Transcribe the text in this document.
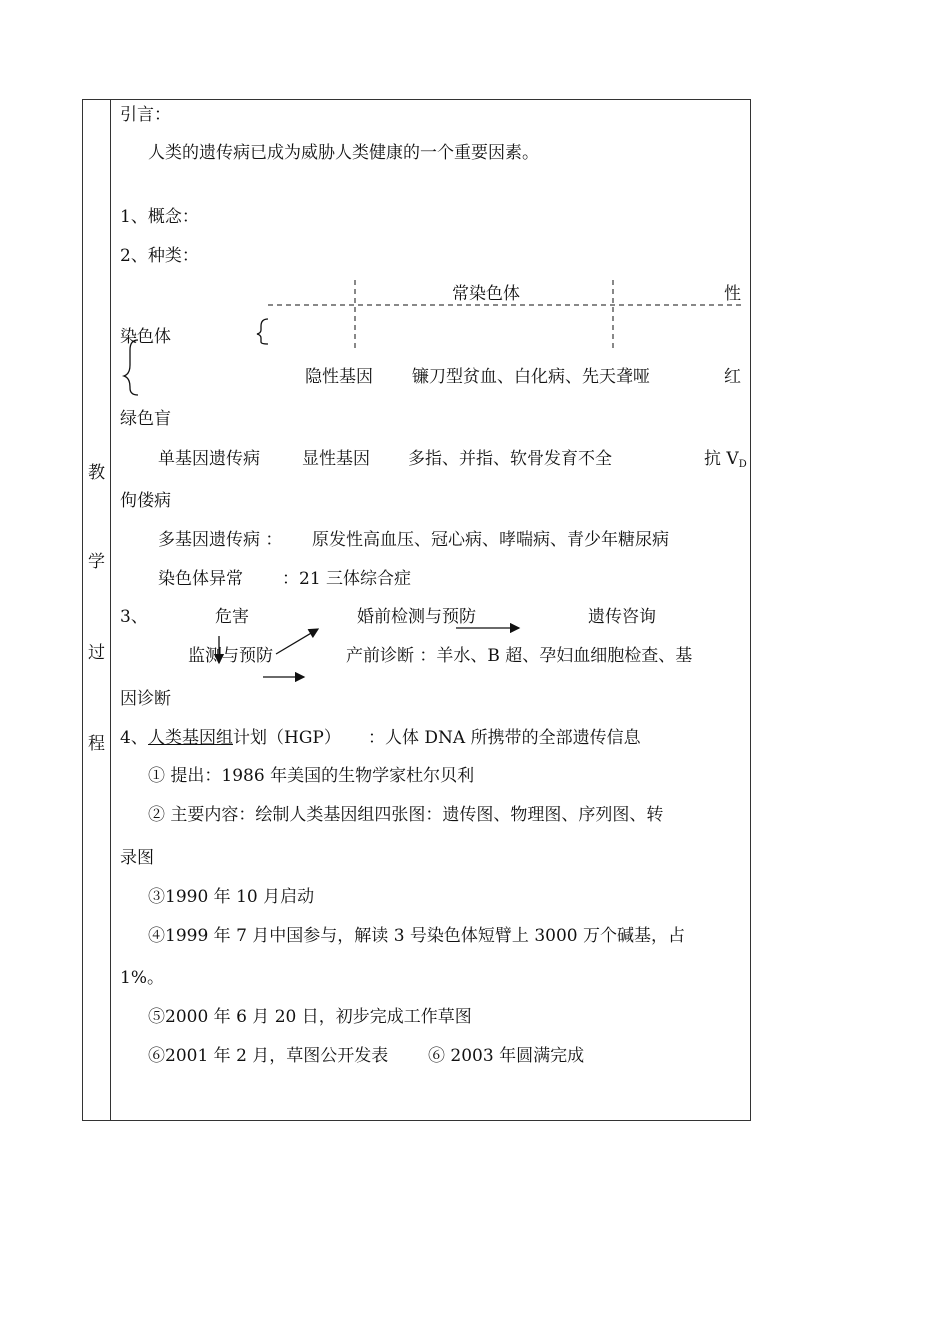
教
学
过
程
引言：
人类的遗传病已成为威胁人类健康的一个重要因素。
1、概念：
2、种类：
常染色体	性
染色体
隐性基因 镰刀型贫血、白化病、先天聋哑	红
绿色盲
单基因遗传病 显性基因 多指、并指、软骨发育不全	抗 $V_D$
佝偻病
多基因遗传病 ： 原发性高血压、冠心病、哮喘病、青少年糖尿病
染色体异常 ：21 三体综合症
3、	危害	婚前检测与预防	遗传咨询
监测与预防	产前诊断 ：羊水、B 超、孕妇血细胞检查、基
因诊断
4、 人类基因组 计划（HGP） ：人体 DNA 所携带的全部遗传信息
① 提出：1986 年美国的生物学家杜尔贝利
② 主要内容：绘制人类基因组四张图：遗传图、物理图、序列图、转
录图
③1990 年 10 月启动
④1999 年 7 月中国参与，解读 3 号染色体短臂上 3000 万个碱基，占
1%。
⑤2000 年 6 月 20 日，初步完成工作草图
⑥2001 年 2 月，草图公开发表 ⑥ 2003 年圆满完成
